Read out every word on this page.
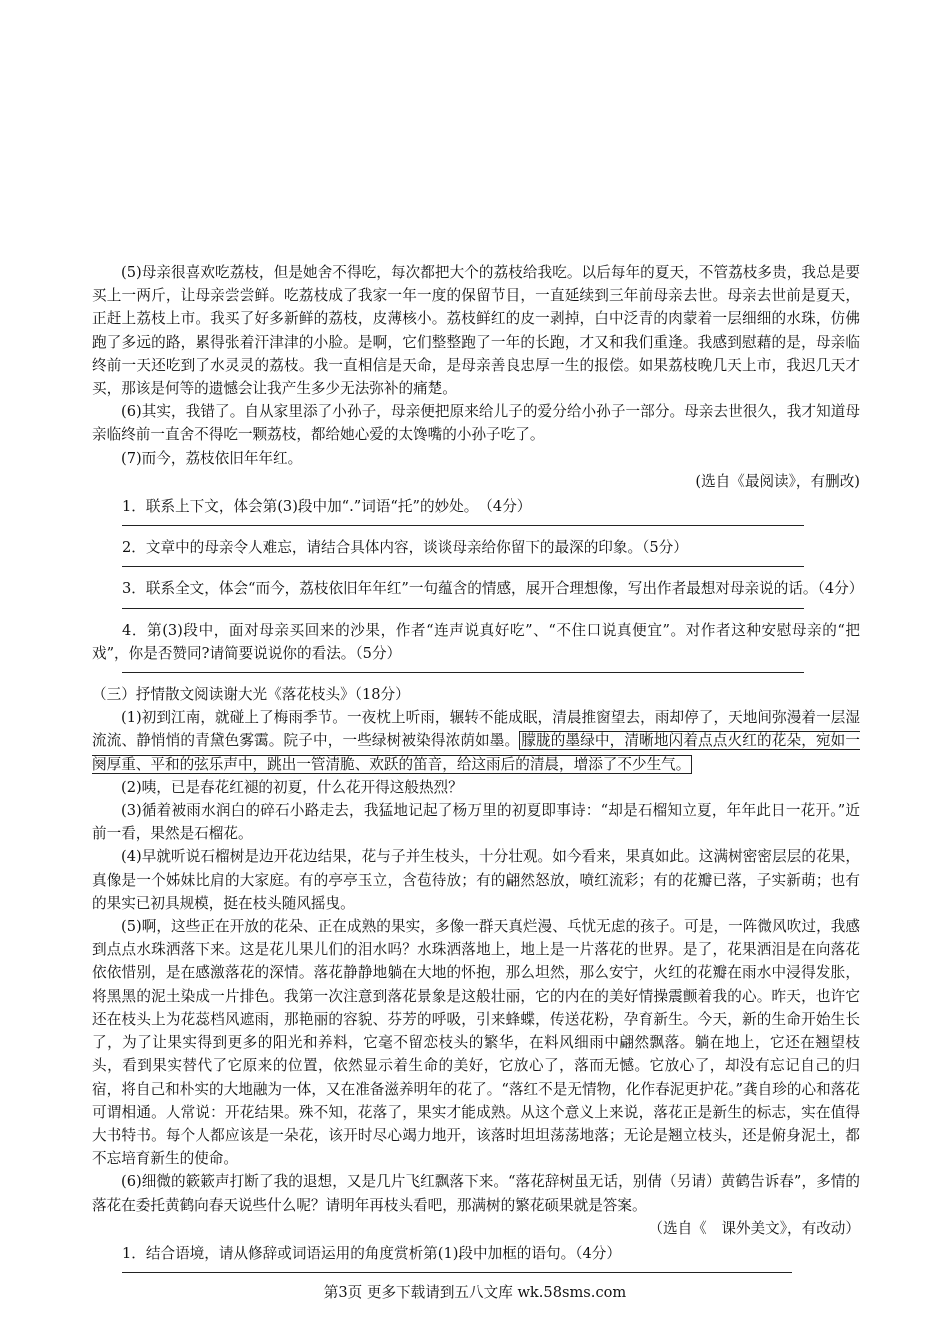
(5)母亲很喜欢吃荔枝，但是她舍不得吃，每次都把大个的荔枝给我吃。以后每年的夏天，不管荔枝多贵，我总是要买上一两斤，让母亲尝尝鲜。吃荔枝成了我家一年一度的保留节目，一直延续到三年前母亲去世。母亲去世前是夏天，正赶上荔枝上市。我买了好多新鲜的荔枝，皮薄核小。荔枝鲜红的皮一剥掉，白中泛青的肉蒙着一层细细的水珠，仿佛跑了多远的路，累得张着汗津津的小脸。是啊，它们整整跑了一年的长跑，才又和我们重逢。我感到慰藉的是，母亲临终前一天还吃到了水灵灵的荔枝。我一直相信是天命，是母亲善良忠厚一生的报偿。如果荔枝晚几天上市，我迟几天才买，那该是何等的遗憾会让我产生多少无法弥补的痛楚。

(6)其实，我错了。自从家里添了小孙子，母亲便把原来给儿子的爱分给小孙子一部分。母亲去世很久，我才知道母亲临终前一直舍不得吃一颗荔枝，都给她心爱的太馋嘴的小孙子吃了。

(7)而今，荔枝依旧年年红。

(选自《最阅读》，有删改)

1．联系上下文，体会第(3)段中加“.”词语“托”的妙处。　（4分）

2．文章中的母亲令人难忘，请结合具体内容，谈谈母亲给你留下的最深的印象。（5分）

3．联系全文，体会“而今，荔枝依旧年年红”一句蕴含的情感，展开合理想像，写出作者最想对母亲说的话。（4分）

4．第(3)段中，面对母亲买回来的沙果，作者“连声说真好吃”、“不住口说真便宜”。对作者这种安慰母亲的“把戏”，你是否赞同?请简要说说你的看法。（5分）

（三）抒情散文阅读谢大光《落花枝头》（18分）

(1)初到江南，就碰上了梅雨季节。一夜枕上听雨，辗转不能成眠，清晨推窗望去，雨却停了，天地间弥漫着一层湿流流、静悄悄的青黛色雾霭。院子中，一些绿树被染得浓荫如墨。 朦胧的墨绿中，清晰地闪着点点火红的花朵，宛如一阕厚重、平和的弦乐声中，跳出一管清脆、欢跃的笛音，给这雨后的清晨，增添了不少生气。

(2)咦，已是春花红褪的初夏，什么花开得这般热烈？

(3)循着被雨水润白的碎石小路走去，我猛地记起了杨万里的初夏即事诗：“却是石榴知立夏，年年此日一花开。”近前一看，果然是石榴花。

(4)早就听说石榴树是边开花边结果，花与子并生枝头，十分壮观。如今看来，果真如此。这满树密密层层的花果，真像是一个姊妹比肩的大家庭。有的亭亭玉立，含苞待放；有的翩然怒放，喷红流彩；有的花瓣已落，子实新萌；也有的果实已初具规模，挺在枝头随风摇曳。

(5)啊，这些正在开放的花朵、正在成熟的果实，多像一群天真烂漫、乓忧无虑的孩子。可是，一阵微风吹过，我感到点点水珠洒落下来。这是花儿果儿们的泪水吗？水珠洒落地上，地上是一片落花的世界。是了，花果洒泪是在向落花依依惜别，是在感激落花的深情。落花静静地躺在大地的怀抱，那么坦然，那么安宁，火红的花瓣在雨水中浸得发胀，将黑黑的泥土染成一片排色。我第一次注意到落花景象是这般壮丽，它的内在的美好情操震颤着我的心。昨天，也许它还在枝头上为花蕊档风遮雨，那艳丽的容貌、芬芳的呼吸，引来蜂蝶，传送花粉，孕育新生。今天，新的生命开始生长了，为了让果实得到更多的阳光和养料，它毫不留恋枝头的繁华，在料风细雨中翩然飘落。躺在地上，它还在翘望枝头，看到果实替代了它原来的位置，依然显示着生命的美好，它放心了，落而无憾。它放心了，却没有忘记自己的归宿，将自己和朴实的大地融为一体，又在准备滋养明年的花了。“落红不是无情物，化作春泥更护花。”龚自珍的心和落花可谓相通。人常说：开花结果。殊不知，花落了，果实才能成熟。从这个意义上来说，落花正是新生的标志，实在值得大书特书。每个人都应该是一朵花，该开时尽心竭力地开，该落时坦坦荡荡地落；无论是翘立枝头，还是俯身泥土，都不忘培育新生的使命。

(6)细微的簌簌声打断了我的退想，又是几片飞红飘落下来。“落花辞树虽无话，别倩（另请）黄鹤告诉春”，多情的落花在委托黄鹤向春天说些什么呢？请明年再枝头看吧，那满树的繁花硕果就是答案。

（选自《　课外美文》，有改动）

1．结合语境，请从修辞或词语运用的角度赏析第(1)段中加框的语句。（4分）

第3页 更多下载请到五八文库 wk.58sms.com
